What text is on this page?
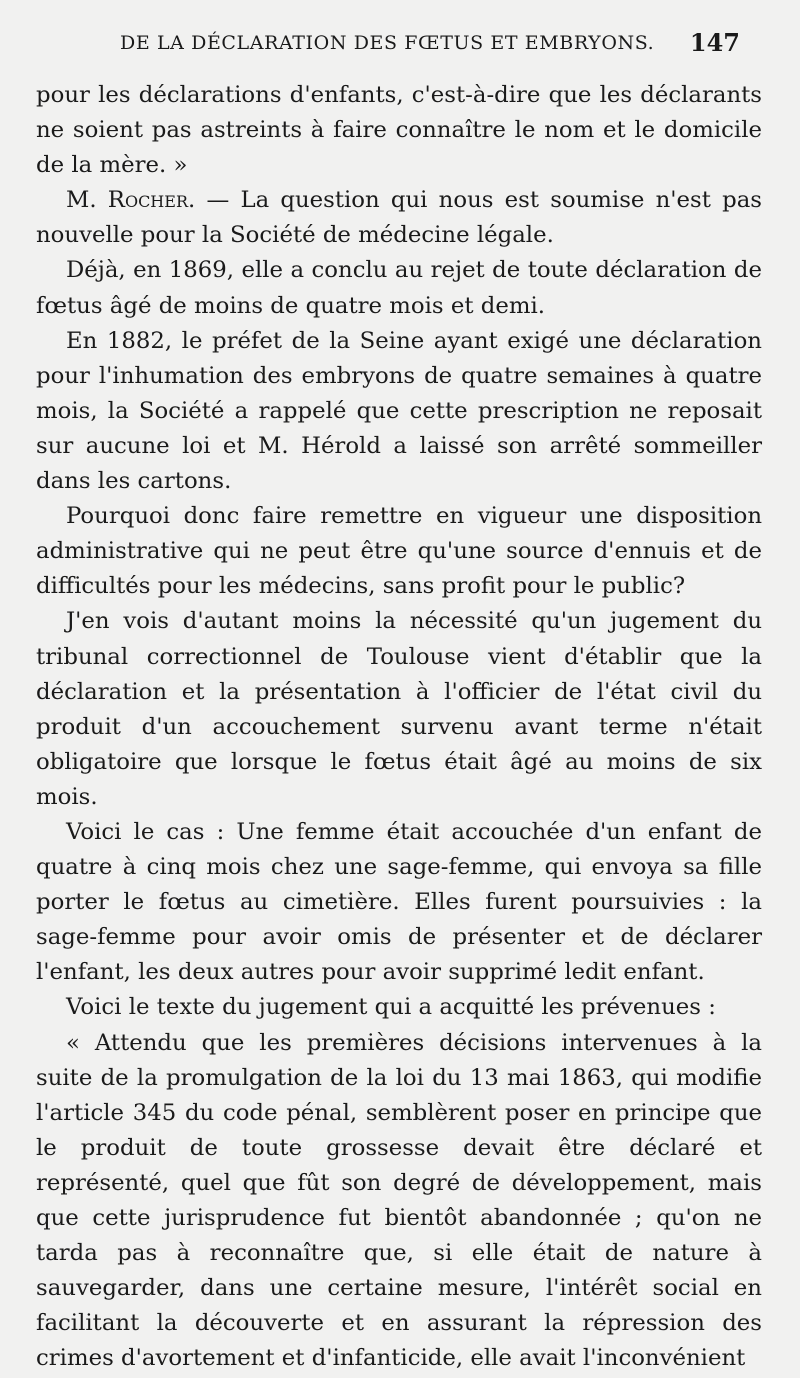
DE LA DÉCLARATION DES FŒTUS ET EMBRYONS. 147

pour les déclarations d'enfants, c'est-à-dire que les déclarants ne soient pas astreints à faire connaître le nom et le domicile de la mère. »

M. Rocher. — La question qui nous est soumise n'est pas nouvelle pour la Société de médecine légale.

Déjà, en 1869, elle a conclu au rejet de toute déclaration de fœtus âgé de moins de quatre mois et demi.

En 1882, le préfet de la Seine ayant exigé une déclaration pour l'inhumation des embryons de quatre semaines à quatre mois, la Société a rappelé que cette prescription ne reposait sur aucune loi et M. Hérold a laissé son arrêté sommeiller dans les cartons.

Pourquoi donc faire remettre en vigueur une disposition administrative qui ne peut être qu'une source d'ennuis et de difficultés pour les médecins, sans profit pour le public?

J'en vois d'autant moins la nécessité qu'un jugement du tribunal correctionnel de Toulouse vient d'établir que la déclaration et la présentation à l'officier de l'état civil du produit d'un accouchement survenu avant terme n'était obligatoire que lorsque le fœtus était âgé au moins de six mois.

Voici le cas : Une femme était accouchée d'un enfant de quatre à cinq mois chez une sage-femme, qui envoya sa fille porter le fœtus au cimetière. Elles furent poursuivies : la sage-femme pour avoir omis de présenter et de déclarer l'enfant, les deux autres pour avoir supprimé ledit enfant.

Voici le texte du jugement qui a acquitté les prévenues :

« Attendu que les premières décisions intervenues à la suite de la promulgation de la loi du 13 mai 1863, qui modifie l'article 345 du code pénal, semblèrent poser en principe que le produit de toute grossesse devait être déclaré et représenté, quel que fût son degré de développement, mais que cette jurisprudence fut bientôt abandonnée ; qu'on ne tarda pas à reconnaître que, si elle était de nature à sauvegarder, dans une certaine mesure, l'intérêt social en facilitant la découverte et en assurant la répression des crimes d'avortement et d'infanticide, elle avait l'inconvénient
